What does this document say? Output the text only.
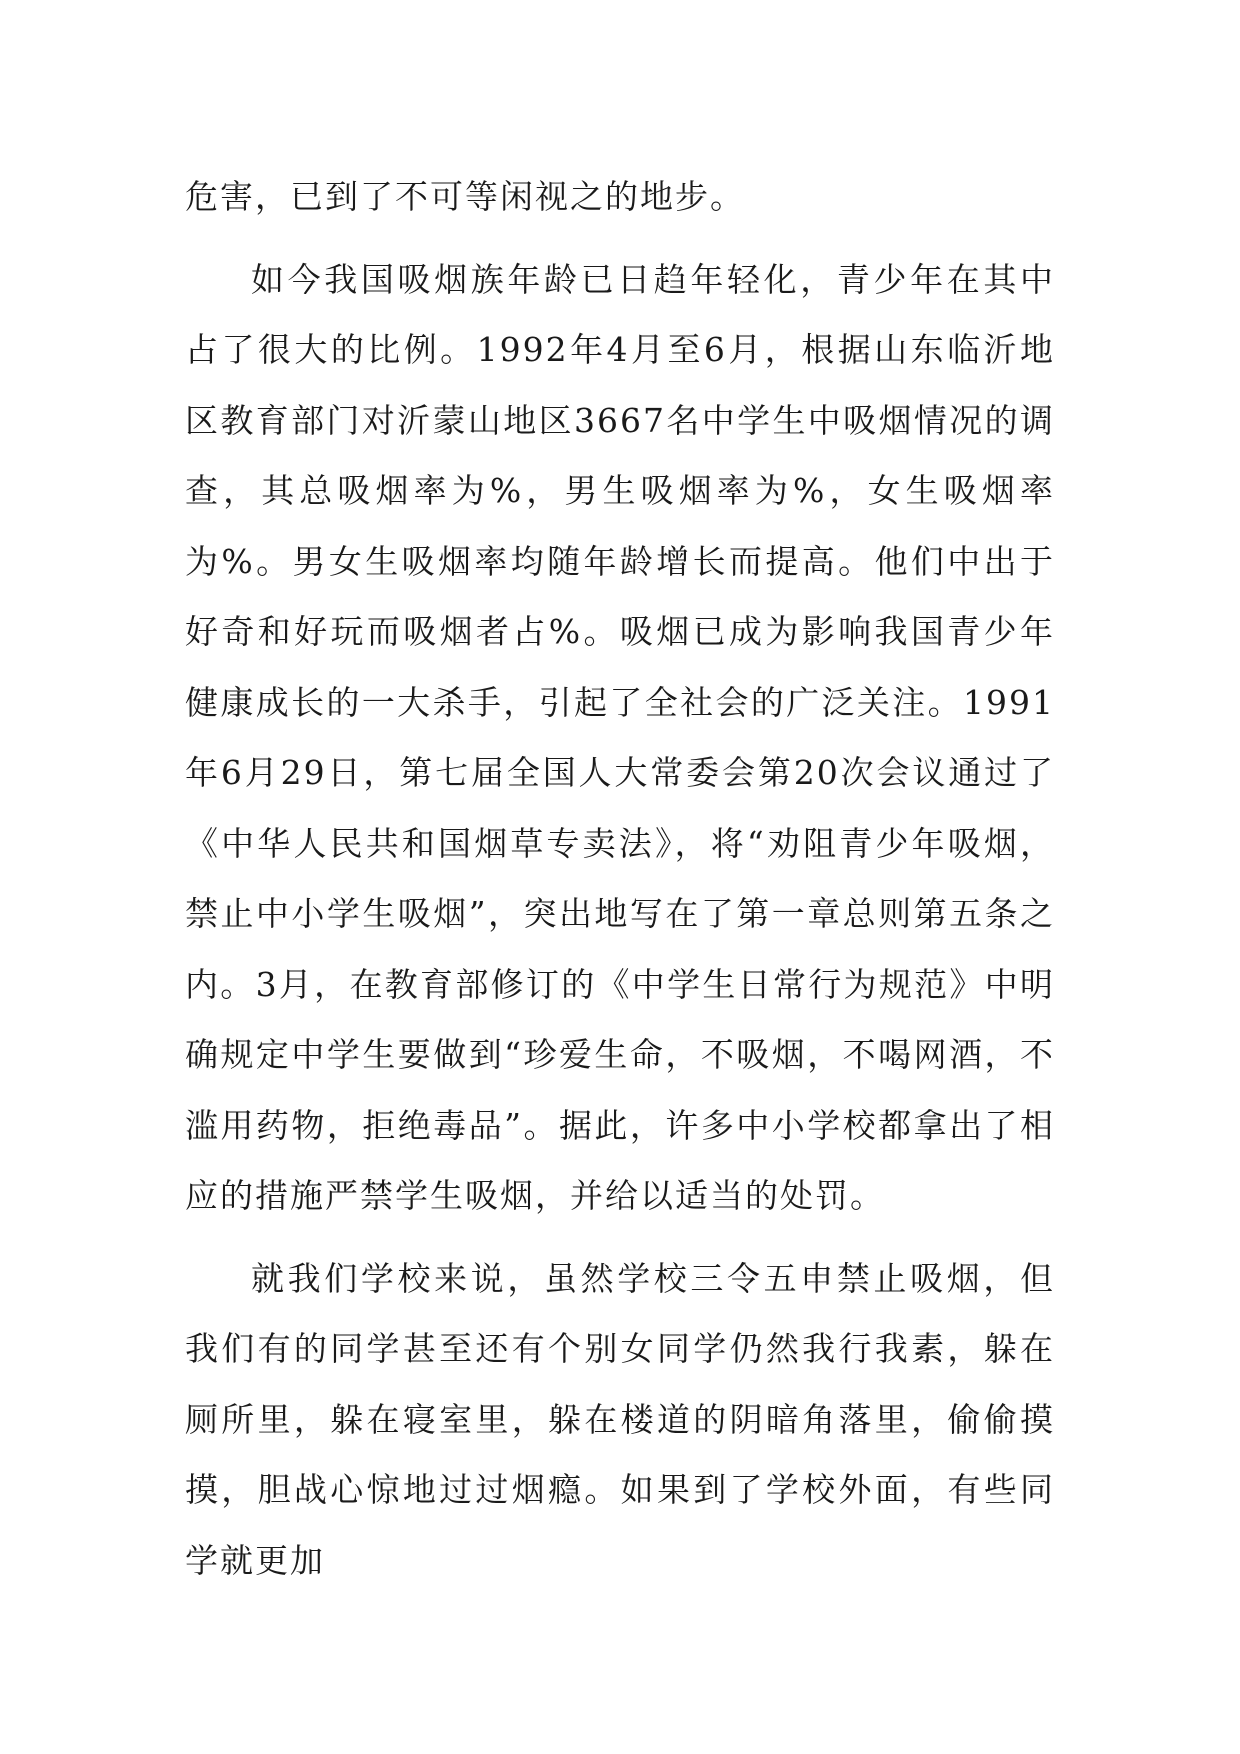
危害，已到了不可等闲视之的地步。

如今我国吸烟族年龄已日趋年轻化，青少年在其中占了很大的比例。1992年4月至6月，根据山东临沂地区教育部门对沂蒙山地区3667名中学生中吸烟情况的调查，其总吸烟率为%，男生吸烟率为%，女生吸烟率为%。男女生吸烟率均随年龄增长而提高。他们中出于好奇和好玩而吸烟者占%。吸烟已成为影响我国青少年健康成长的一大杀手，引起了全社会的广泛关注。1991年6月29日，第七届全国人大常委会第20次会议通过了《中华人民共和国烟草专卖法》，将“劝阻青少年吸烟，禁止中小学生吸烟”，突出地写在了第一章总则第五条之内。3月，在教育部修订的《中学生日常行为规范》中明确规定中学生要做到“珍爱生命，不吸烟，不喝网酒，不滥用药物，拒绝毒品”。据此，许多中小学校都拿出了相应的措施严禁学生吸烟，并给以适当的处罚。

就我们学校来说，虽然学校三令五申禁止吸烟，但我们有的同学甚至还有个别女同学仍然我行我素，躲在厕所里，躲在寝室里，躲在楼道的阴暗角落里，偷偷摸摸，胆战心惊地过过烟瘾。如果到了学校外面，有些同学就更加
